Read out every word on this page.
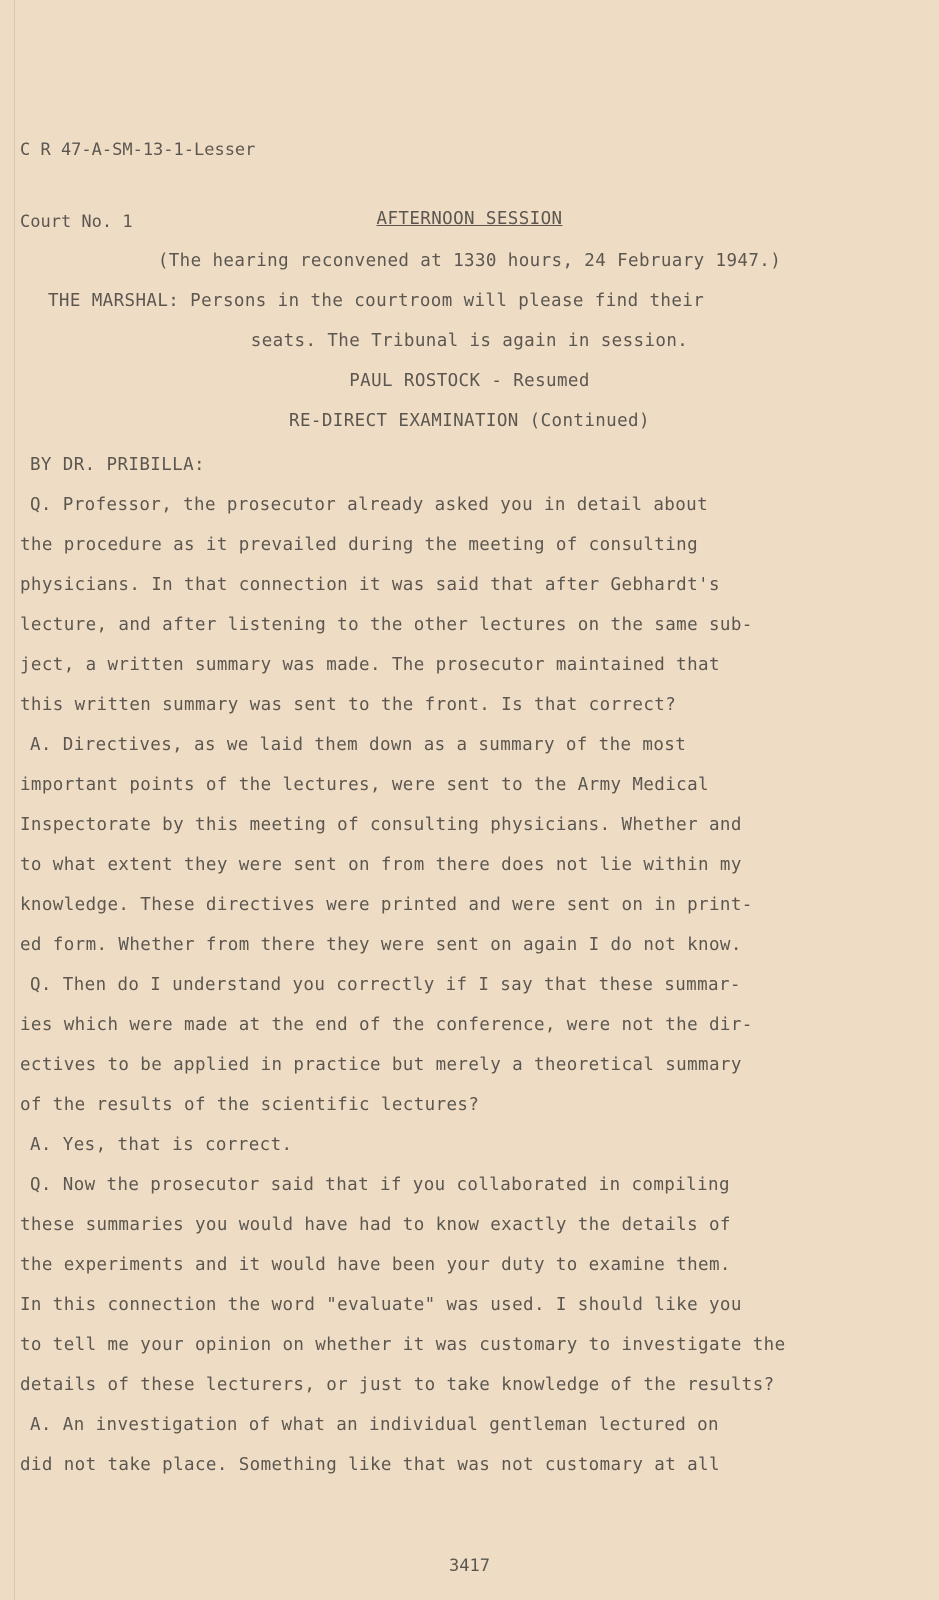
C R 47-A-SM-13-1-Lesser

Court No. 1

	AFTERNOON SESSION
(The hearing reconvened at 1330 hours, 24 February 1947.)
THE MARSHAL: Persons in the courtroom will please find their
seats. The Tribunal is again in session.
PAUL ROSTOCK - Resumed
RE-DIRECT EXAMINATION (Continued)
BY DR. PRIBILLA:
Q. Professor, the prosecutor already asked you in detail about
the procedure as it prevailed during the meeting of consulting
physicians. In that connection it was said that after Gebhardt's
lecture, and after listening to the other lectures on the same sub-
ject, a written summary was made. The prosecutor maintained that
this written summary was sent to the front. Is that correct?
A. Directives, as we laid them down as a summary of the most
important points of the lectures, were sent to the Army Medical
Inspectorate by this meeting of consulting physicians. Whether and
to what extent they were sent on from there does not lie within my
knowledge. These directives were printed and were sent on in print-
ed form. Whether from there they were sent on again I do not know.
Q. Then do I understand you correctly if I say that these summar-
ies which were made at the end of the conference, were not the dir-
ectives to be applied in practice but merely a theoretical summary
of the results of the scientific lectures?
A. Yes, that is correct.
Q. Now the prosecutor said that if you collaborated in compiling
these summaries you would have had to know exactly the details of
the experiments and it would have been your duty to examine them.
In this connection the word "evaluate" was used. I should like you
to tell me your opinion on whether it was customary to investigate the
details of these lecturers, or just to take knowledge of the results?
A. An investigation of what an individual gentleman lectured on
did not take place. Something like that was not customary at all
3417
